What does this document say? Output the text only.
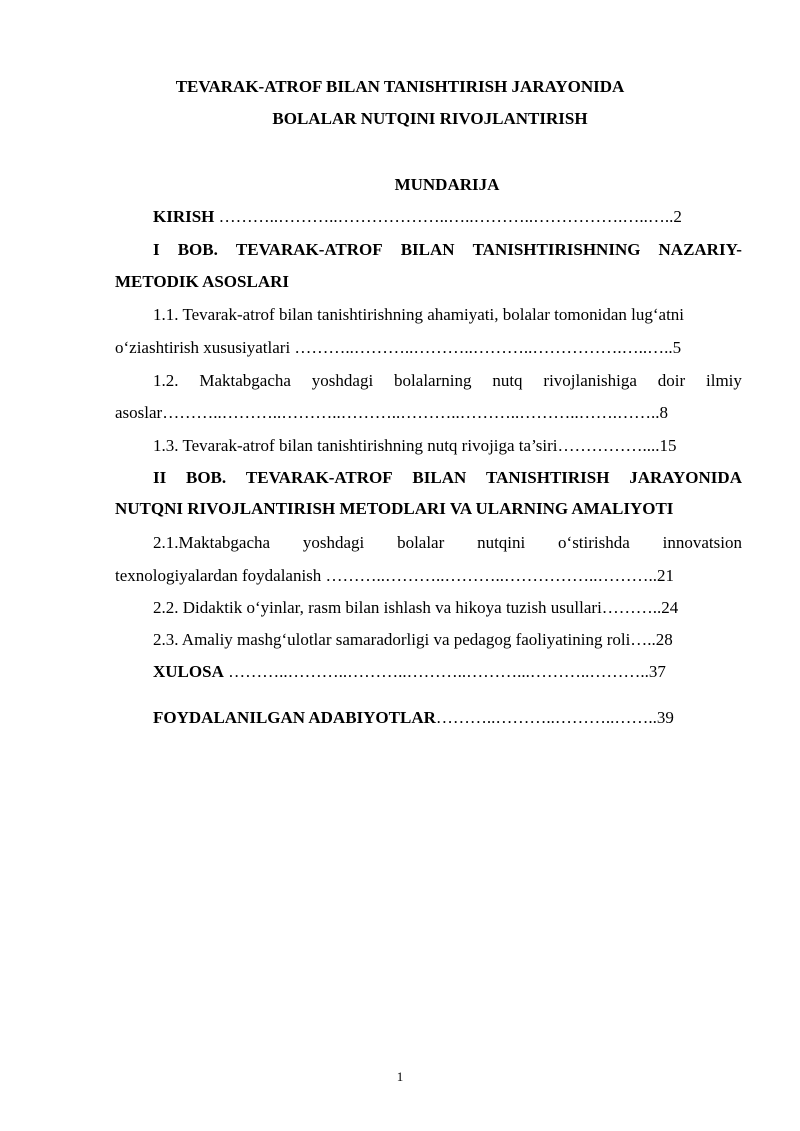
TEVARAK-ATROF BILAN TANISHTIRISH JARAYONIDA
BOLALAR NUTQINI RIVOJLANTIRISH
MUNDARIJA
KIRISH ………..………..………………..…..………..…………….…..…..2
I BOB. TEVARAK-ATROF BILAN TANISHTIRISHNING NAZARIY-
METODIK ASOSLARI
1.1. Tevarak-atrof bilan tanishtirishning ahamiyati, bolalar tomonidan lug‘atni
o‘ziashtirish xususiyatlari ………..………..………..………..…………….…..…..5
1.2. Maktabgacha yoshdagi bolalarning nutq rivojlanishiga doir ilmiy
asoslar………..………..………..………..………..………..………..…….……..8
1.3. Tevarak-atrof bilan tanishtirishning nutq rivojiga ta’siri……………....15
II BOB. TEVARAK-ATROF BILAN TANISHTIRISH JARAYONIDA
NUTQNI RIVOJLANTIRISH METODLARI VA ULARNING AMALIYOTI
2.1.Maktabgacha yoshdagi bolalar nutqini o‘stirishda innovatsion
texnologiyalardan foydalanish ………..………..………..……………..………..21
2.2. Didaktik o‘yinlar, rasm bilan ishlash va hikoya tuzish usullari………..24
2.3. Amaliy mashg‘ulotlar samaradorligi va pedagog faoliyatining roli…..28
XULOSA ………..………..………..………..………...………..………..37
FOYDALANILGAN ADABIYOTLAR………..………..………..……..39
1
